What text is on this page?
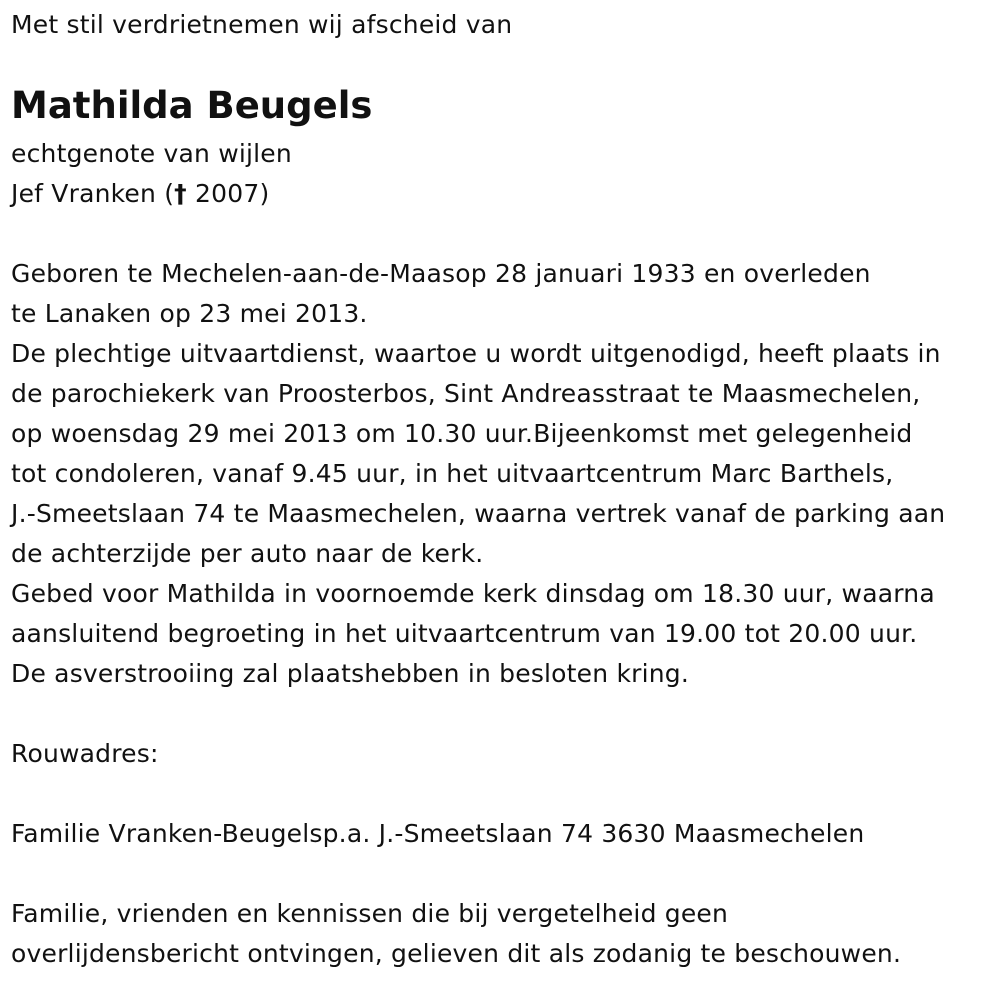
Met stil verdrietnemen wij afscheid van
Mathilda Beugels
echtgenote van wijlen
Jef Vranken († 2007)
Geboren te Mechelen-aan-de-Maasop 28 januari 1933 en overleden
te Lanaken op 23 mei 2013.
De plechtige uitvaartdienst, waartoe u wordt uitgenodigd, heeft plaats in
de parochiekerk van Proosterbos, Sint Andreasstraat te Maasmechelen,
op woensdag 29 mei 2013 om 10.30 uur.Bijeenkomst met gelegenheid
tot condoleren, vanaf 9.45 uur, in het uitvaartcentrum Marc Barthels,
J.-Smeetslaan 74 te Maasmechelen, waarna vertrek vanaf de parking aan
de achterzijde per auto naar de kerk.
Gebed voor Mathilda in voornoemde kerk dinsdag om 18.30 uur, waarna
aansluitend begroeting in het uitvaartcentrum van 19.00 tot 20.00 uur.
De asverstrooiing zal plaatshebben in besloten kring.
Rouwadres:
Familie Vranken-Beugelsp.a. J.-Smeetslaan 74 3630 Maasmechelen
Familie, vrienden en kennissen die bij vergetelheid geen
overlijdensbericht ontvingen, gelieven dit als zodanig te beschouwen.
